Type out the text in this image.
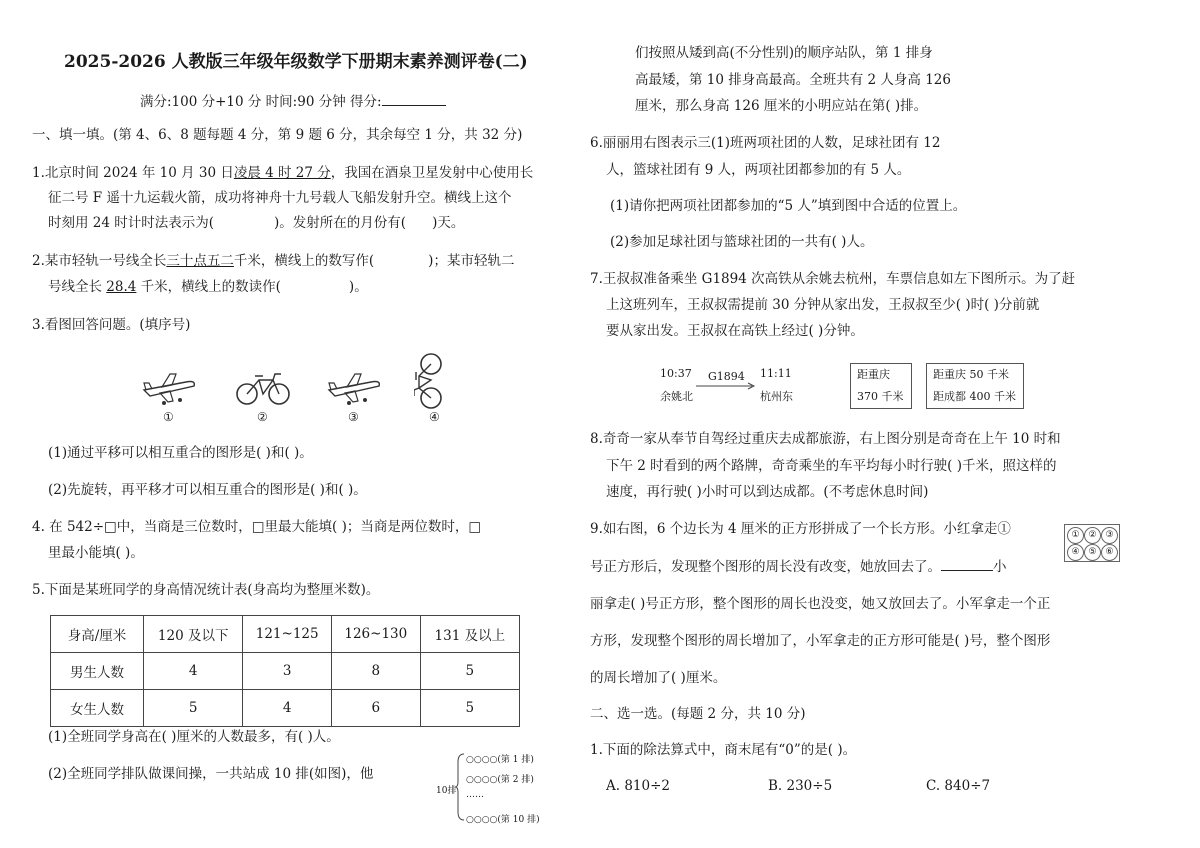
2025-2026 人教版三年级年级数学下册期末素养测评卷(二)
满分:100 分+10 分 时间:90 分钟 得分:
一、填一填。(第 4、6、8 题每题 4 分，第 9 题 6 分，其余每空 1 分，共 32 分)
1.北京时间 2024 年 10 月 30 日凌晨 4 时 27 分，我国在酒泉卫星发射中心使用长
征二号 F 遥十九运载火箭，成功将神舟十九号载人飞船发射升空。横线上这个
时刻用 24 时计时法表示为(	)。发射所在的月份有( )天。
2.某市轻轨一号线全长三十点五二千米，横线上的数写作(	)；某市轻轨二
号线全长 28.4 千米，横线上的数读作(	)。
3.看图回答问题。(填序号)
①	②	③	④
(1)通过平移可以相互重合的图形是( )和( )。
(2)先旋转，再平移才可以相互重合的图形是( )和( )。
4. 在 542÷□中，当商是三位数时，□里最大能填( )；当商是两位数时，□
里最小能填( )。
5.下面是某班同学的身高情况统计表(身高均为整厘米数)。
身高/厘米	120 及以下	121~125	126~130	131 及以上
男生人数	4	3	8	5
女生人数	5	4	6	5
(1)全班同学身高在( )厘米的人数最多，有( )人。
(2)全班同学排队做课间操，一共站成 10 排(如图)，他
10排
○○○○(第 1 排)
○○○○(第 2 排)
……
○○○○(第 10 排)
们按照从矮到高(不分性别)的顺序站队，第 1 排身
高最矮，第 10 排身高最高。全班共有 2 人身高 126
厘米，那么身高 126 厘米的小明应站在第( )排。
6.丽丽用右图表示三(1)班两项社团的人数，足球社团有 12
人，篮球社团有 9 人，两项社团都参加的有 5 人。
(1)请你把两项社团都参加的“5 人”填到图中合适的位置上。
(2)参加足球社团与篮球社团的一共有( )人。
7.王叔叔准备乘坐 G1894 次高铁从余姚去杭州，车票信息如左下图所示。为了赶
上这班列车，王叔叔需提前 30 分钟从家出发，王叔叔至少( )时( )分前就
要从家出发。王叔叔在高铁上经过( )分钟。
10:37 G1894 11:11
余姚北	杭州东
距重庆
370 千米
距重庆 50 千米
距成都 400 千米
8.奇奇一家从奉节自驾经过重庆去成都旅游，右上图分别是奇奇在上午 10 时和
下午 2 时看到的两个路牌，奇奇乘坐的车平均每小时行驶( )千米，照这样的
速度，再行驶( )小时可以到达成都。(不考虑休息时间)
9.如右图，6 个边长为 4 厘米的正方形拼成了一个长方形。小红拿走①	① ② ③
④ ⑤ ⑥
号正方形后，发现整个图形的周长没有改变，她放回去了。	小
丽拿走( )号正方形，整个图形的周长也没变，她又放回去了。小军拿走一个正
方形，发现整个图形的周长增加了，小军拿走的正方形可能是( )号，整个图形
的周长增加了( )厘米。
二、选一选。(每题 2 分，共 10 分)
1.下面的除法算式中，商末尾有“0”的是( )。
A. 810÷2	B. 230÷5	C. 840÷7
